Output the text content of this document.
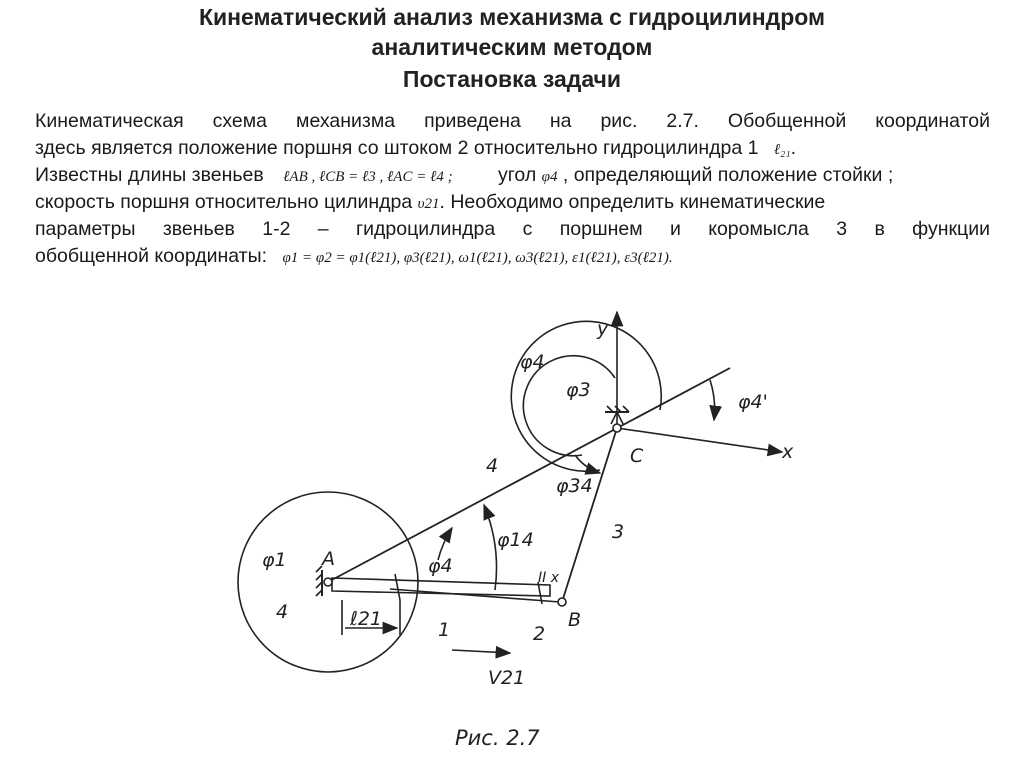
Кинематический анализ механизма с гидроцилиндром
аналитическим методом
Постановка задачи
Кинематическая схема механизма приведена на рис. 2.7. Обобщенной координатой
здесь является положение поршня со штоком 2 относительно гидроцилиндра 1 ℓ₂₁.
Известны длины звеньев ℓAB , ℓCB = ℓ3 , ℓAC = ℓ4 ; угол φ4 , определяющий положение стойки ;
скорость поршня относительно цилиндра υ21. Необходимо определить кинематические
параметры звеньев 1-2 – гидроцилиндра с поршнем и коромысла 3 в функции
обобщенной координаты: φ1 = φ2 = φ1(ℓ21), φ3(ℓ21), ω1(ℓ21), ω3(ℓ21), ε1(ℓ21), ε3(ℓ21).
y
x
A
B
C
φ1
φ3
φ4
φ4
φ4'
φ14
φ34
4
4
3
1	2
ℓ21
II x
V21
Рис. 2.7
